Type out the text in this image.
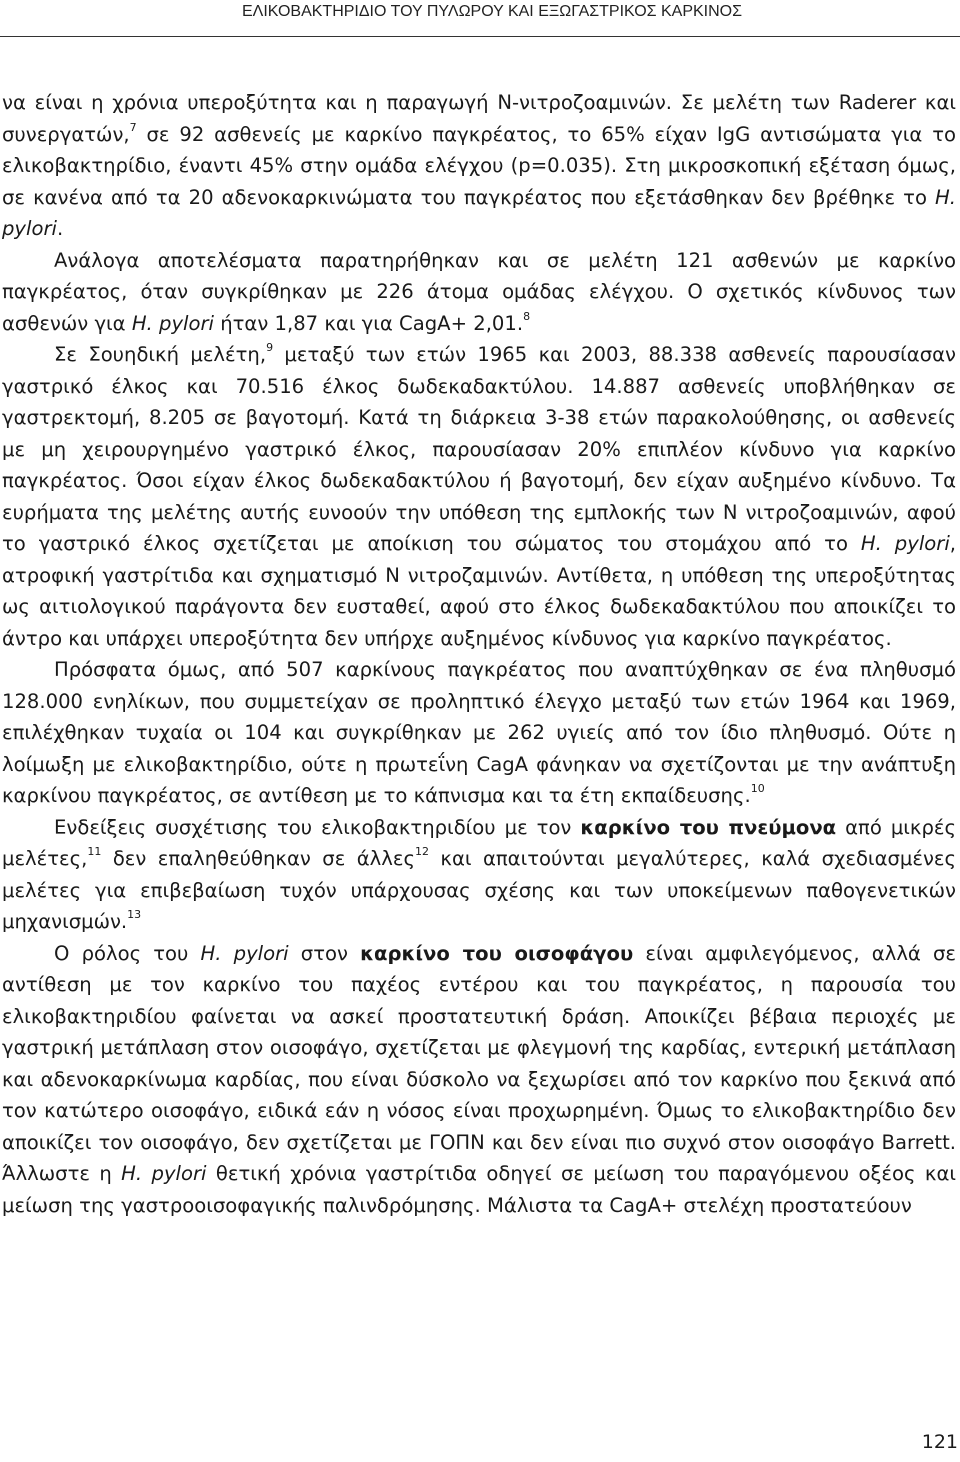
ΕΛΙΚΟΒΑΚΤΗΡΙΔΙΟ ΤΟΥ ΠΥΛΩΡΟΥ ΚΑΙ ΕΞΩΓΑΣΤΡΙΚΟΣ ΚΑΡΚΙΝΟΣ

να είναι η χρόνια υπεροξύτητα και η παραγωγή Ν-νιτροζοαμινών. Σε μελέτη των Raderer και συνεργατών,$^7$ σε 92 ασθενείς με καρκίνο παγκρέατος, το 65% είχαν IgG αντισώματα για το ελικοβακτηρίδιο, έναντι 45% στην ομάδα ελέγχου (p=0.035). Στη μικροσκοπική εξέταση όμως, σε κανένα από τα 20 αδενοκαρκινώματα του παγκρέατος που εξετάσθηκαν δεν βρέθηκε το H. pylori.

Ανάλογα αποτελέσματα παρατηρήθηκαν και σε μελέτη 121 ασθενών με καρκίνο παγκρέατος, όταν συγκρίθηκαν με 226 άτομα ομάδας ελέγχου. Ο σχετικός κίνδυνος των ασθενών για H. pylori ήταν 1,87 και για CagA+ 2,01.$^8$

Σε Σουηδική μελέτη,$^9$ μεταξύ των ετών 1965 και 2003, 88.338 ασθενείς παρουσίασαν γαστρικό έλκος και 70.516 έλκος δωδεκαδακτύλου. 14.887 ασθενείς υποβλήθηκαν σε γαστρεκτομή, 8.205 σε βαγοτομή. Κατά τη διάρκεια 3-38 ετών παρακολούθησης, οι ασθενείς με μη χειρουργημένο γαστρικό έλκος, παρουσίασαν 20% επιπλέον κίνδυνο για καρκίνο παγκρέατος. Όσοι είχαν έλκος δωδεκαδακτύλου ή βαγοτομή, δεν είχαν αυξημένο κίνδυνο. Τα ευρήματα της μελέτης αυτής ευνοούν την υπόθεση της εμπλοκής των Ν νιτροζοαμινών, αφού το γαστρικό έλκος σχετίζεται με αποίκιση του σώματος του στομάχου από το H. pylori, ατροφική γαστρίτιδα και σχηματισμό Ν νιτροζαμινών. Αντίθετα, η υπόθεση της υπεροξύτητας ως αιτιολογικού παράγοντα δεν ευσταθεί, αφού στο έλκος δωδεκαδακτύλου που αποικίζει το άντρο και υπάρχει υπεροξύτητα δεν υπήρχε αυξημένος κίνδυνος για καρκίνο παγκρέατος.

Πρόσφατα όμως, από 507 καρκίνους παγκρέατος που αναπτύχθηκαν σε ένα πληθυσμό 128.000 ενηλίκων, που συμμετείχαν σε προληπτικό έλεγχο μεταξύ των ετών 1964 και 1969, επιλέχθηκαν τυχαία οι 104 και συγκρίθηκαν με 262 υγιείς από τον ίδιο πληθυσμό. Ούτε η λοίμωξη με ελικοβακτηρίδιο, ούτε η πρωτεΐνη CagA φάνηκαν να σχετίζονται με την ανάπτυξη καρκίνου παγκρέατος, σε αντίθεση με το κάπνισμα και τα έτη εκπαίδευσης.$^{10}$

Ενδείξεις συσχέτισης του ελικοβακτηριδίου με τον καρκίνο του πνεύμονα από μικρές μελέτες,$^{11}$ δεν επαληθεύθηκαν σε άλλες$^{12}$ και απαιτούνται μεγαλύτερες, καλά σχεδιασμένες μελέτες για επιβεβαίωση τυχόν υπάρχουσας σχέσης και των υποκείμενων παθογενετικών μηχανισμών.$^{13}$

Ο ρόλος του H. pylori στον καρκίνο του οισοφάγου είναι αμφιλεγόμενος, αλλά σε αντίθεση με τον καρκίνο του παχέος εντέρου και του παγκρέατος, η παρουσία του ελικοβακτηριδίου φαίνεται να ασκεί προστατευτική δράση. Αποικίζει βέβαια περιοχές με γαστρική μετάπλαση στον οισοφάγο, σχετίζεται με φλεγμονή της καρδίας, εντερική μετάπλαση και αδενοκαρκίνωμα καρδίας, που είναι δύσκολο να ξεχωρίσει από τον καρκίνο που ξεκινά από τον κατώτερο οισοφάγο, ειδικά εάν η νόσος είναι προχωρημένη. Όμως το ελικοβακτηρίδιο δεν αποικίζει τον οισοφάγο, δεν σχετίζεται με ΓΟΠΝ και δεν είναι πιο συχνό στον οισοφάγο Barrett. Άλλωστε η H. pylori θετική χρόνια γαστρίτιδα οδηγεί σε μείωση του παραγόμενου οξέος και μείωση της γαστροοισοφαγικής παλινδρόμησης. Μάλιστα τα CagA+ στελέχη προστατεύουν

121
